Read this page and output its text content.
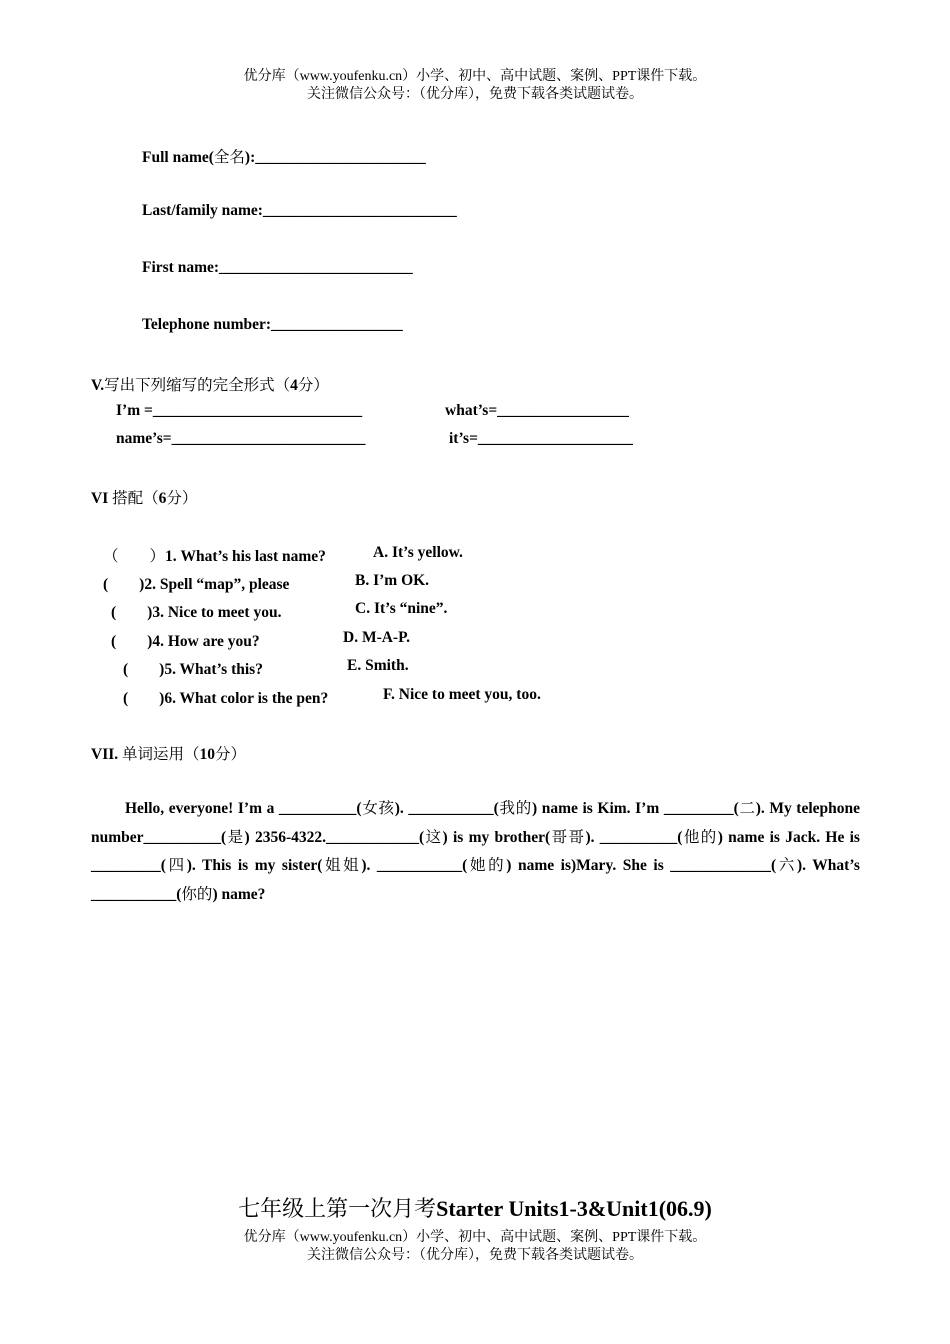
优分库（www.youfenku.cn）小学、初中、高中试题、案例、PPT课件下载。
关注微信公众号：（优分库），免费下载各类试题试卷。
Full name(全名):______________________
Last/family name:_________________________
First name:_________________________
Telephone number:_________________
V.写出下列缩写的完全形式（4分）
I’m =___________________________	what’s=_________________
name’s=_________________________	it’s=____________________
VI 搭配（6分）
（　　）1. What’s his last name?
(　　)2. Spell “map”, please
(　　)3. Nice to meet you.
(　　)4. How are you?
(　　)5. What’s this?
(　　)6. What color is the pen?
A. It’s yellow.
B. I’m OK.
C. It’s “nine”.
D. M-A-P.
E. Smith.
F. Nice to meet you, too.
VII. 单词运用（10分）
Hello, everyone! I’m a __________(女孩). ___________(我的) name is Kim. I’m _________(二). My telephone number__________(是) 2356-4322.____________(这) is my brother(哥哥). __________(他的) name is Jack. He is _________(四). This is my sister(姐姐). ___________(她的) name is)Mary. She is _____________(六). What’s ___________(你的) name?
七年级上第一次月考Starter Units1-3&Unit1(06.9)
优分库（www.youfenku.cn）小学、初中、高中试题、案例、PPT课件下载。
关注微信公众号：（优分库），免费下载各类试题试卷。
